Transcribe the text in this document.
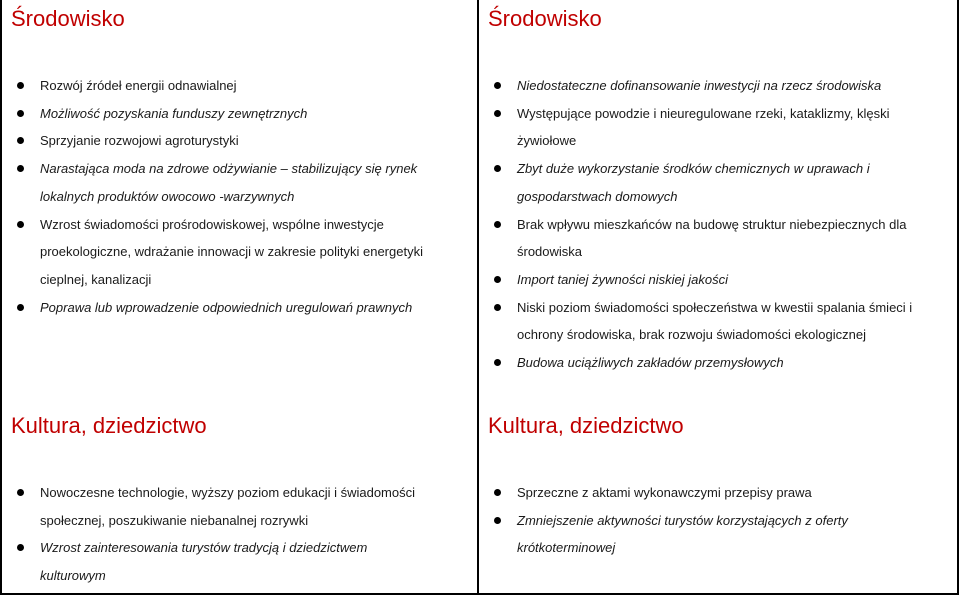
Środowisko
Rozwój źródeł energii odnawialnej
Możliwość pozyskania funduszy zewnętrznych
Sprzyjanie rozwojowi agroturystyki
Narastająca moda na zdrowe odżywianie – stabilizujący się rynek lokalnych produktów owocowo -warzywnych
Wzrost świadomości prośrodowiskowej, wspólne inwestycje proekologiczne, wdrażanie innowacji w zakresie polityki energetyki cieplnej, kanalizacji
Poprawa lub wprowadzenie odpowiednich uregulowań prawnych
Środowisko
Niedostateczne dofinansowanie inwestycji na rzecz środowiska
Występujące powodzie i nieuregulowane rzeki, kataklizmy, klęski żywiołowe
Zbyt duże wykorzystanie środków chemicznych w uprawach i gospodarstwach domowych
Brak wpływu mieszkańców na budowę struktur niebezpiecznych dla środowiska
Import taniej żywności niskiej jakości
Niski poziom świadomości społeczeństwa w kwestii spalania śmieci i ochrony środowiska, brak rozwoju świadomości ekologicznej
Budowa uciążliwych zakładów przemysłowych
Kultura, dziedzictwo
Nowoczesne technologie, wyższy poziom edukacji i świadomości społecznej, poszukiwanie niebanalnej rozrywki
Wzrost zainteresowania turystów tradycją i dziedzictwem kulturowym
Kultura, dziedzictwo
Sprzeczne z aktami wykonawczymi przepisy prawa
Zmniejszenie aktywności turystów korzystających z oferty krótkoterminowej
